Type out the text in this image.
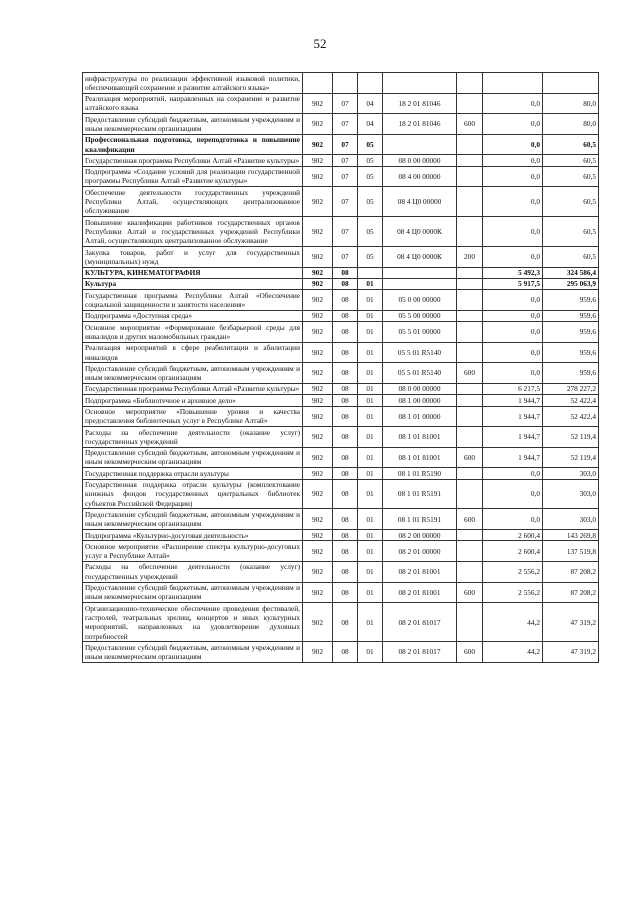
52
инфраструктуры по реализации эффективной языковой политики, обеспечивающей сохранение и развитие алтайского языка»							
Реализация мероприятий, направленных на сохранение и развитие алтайского языка	902	07	04	18 2 01 81046		0,0	80,0
Предоставление субсидий бюджетным, автономным учреждениям и иным некоммерческим организациям	902	07	04	18 2 01 81046	600	0,0	80,0
Профессиональная подготовка, переподготовка и повышение квалификации	902	07	05			0,0	60,5
Государственная программа Республики Алтай «Развитие культуры»	902	07	05	08 0 00 00000		0,0	60,5
Подпрограмма «Создание условий для реализации государственной программы Республики Алтай «Развитие культуры»	902	07	05	08 4 00 00000		0,0	60,5
Обеспечение деятельности государственных учреждений Республики Алтай, осуществляющих централизованное обслуживание	902	07	05	08 4 Ц0 00000		0,0	60,5
Повышение квалификации работников государственных органов Республики Алтай и государственных учреждений Республики Алтай, осуществляющих централизованное обслуживание	902	07	05	08 4 Ц0 0000К		0,0	60,5
Закупка товаров, работ и услуг для государственных (муниципальных) нужд	902	07	05	08 4 Ц0 0000К	200	0,0	60,5
КУЛЬТУРА, КИНЕМАТОГРАФИЯ	902	08				5 492,3	324 586,4
Культура	902	08	01			5 917,5	295 063,9
Государственная программа Республики Алтай «Обеспечение социальной защищенности и занятости населения»	902	08	01	05 0 00 00000		0,0	959,6
Подпрограмма «Доступная среда»	902	08	01	05 5 00 00000		0,0	959,6
Основное мероприятие «Формирование безбарьерной среды для инвалидов и других маломобильных граждан»	902	08	01	05 5 01 00000		0,0	959,6
Реализация мероприятий в сфере реабилитации и абилитации инвалидов	902	08	01	05 5 01 R5140		0,0	959,6
Предоставление субсидий бюджетным, автономным учреждениям и иным некоммерческим организациям	902	08	01	05 5 01 R5140	600	0,0	959,6
Государственная программа Республики Алтай «Развитие культуры»	902	08	01	08 0 00 00000		6 217,5	278 227,2
Подпрограмма «Библиотечное и архивное дело»	902	08	01	08 1 00 00000		1 944,7	52 422,4
Основное мероприятие «Повышение уровня и качества предоставления библиотечных услуг в Республике Алтай»	902	08	01	08 1 01 00000		1 944,7	52 422,4
Расходы на обеспечение деятельности (оказание услуг) государственных учреждений	902	08	01	08 1 01 81001		1 944,7	52 119,4
Предоставление субсидий бюджетным, автономным учреждениям и иным некоммерческим организациям	902	08	01	08 1 01 81001	600	1 944,7	52 119,4
Государственная поддержка отрасли культуры	902	08	01	08 1 01 R5190		0,0	303,0
Государственная поддержка отрасли культуры (комплектование книжных фондов государственных центральных библиотек субъектов Российской Федерации)	902	08	01	08 1 01 R5191		0,0	303,0
Предоставление субсидий бюджетным, автономным учреждениям и иным некоммерческим организациям	902	08	01	08 1 01 R5191	600	0,0	303,0
Подпрограмма «Культурно-досуговая деятельность»	902	08	01	08 2 00 00000		2 600,4	143 269,8
Основное мероприятие «Расширение спектра культурно-досуговых услуг в Республике Алтай»	902	08	01	08 2 01 00000		2 600,4	137 519,8
Расходы на обеспечение деятельности (оказание услуг) государственных учреждений	902	08	01	08 2 01 81001		2 556,2	87 208,2
Предоставление субсидий бюджетным, автономным учреждениям и иным некоммерческим организациям	902	08	01	08 2 01 81001	600	2 556,2	87 208,2
Организационно-техническое обеспечение проведения фестивалей, гастролей, театральных зрелищ, концертов и иных культурных мероприятий, направленных на удовлетворение духовных потребностей	902	08	01	08 2 01 81017		44,2	47 319,2
Предоставление субсидий бюджетным, автономным учреждениям и иным некоммерческим организациям	902	08	01	08 2 01 81017	600	44,2	47 319,2
